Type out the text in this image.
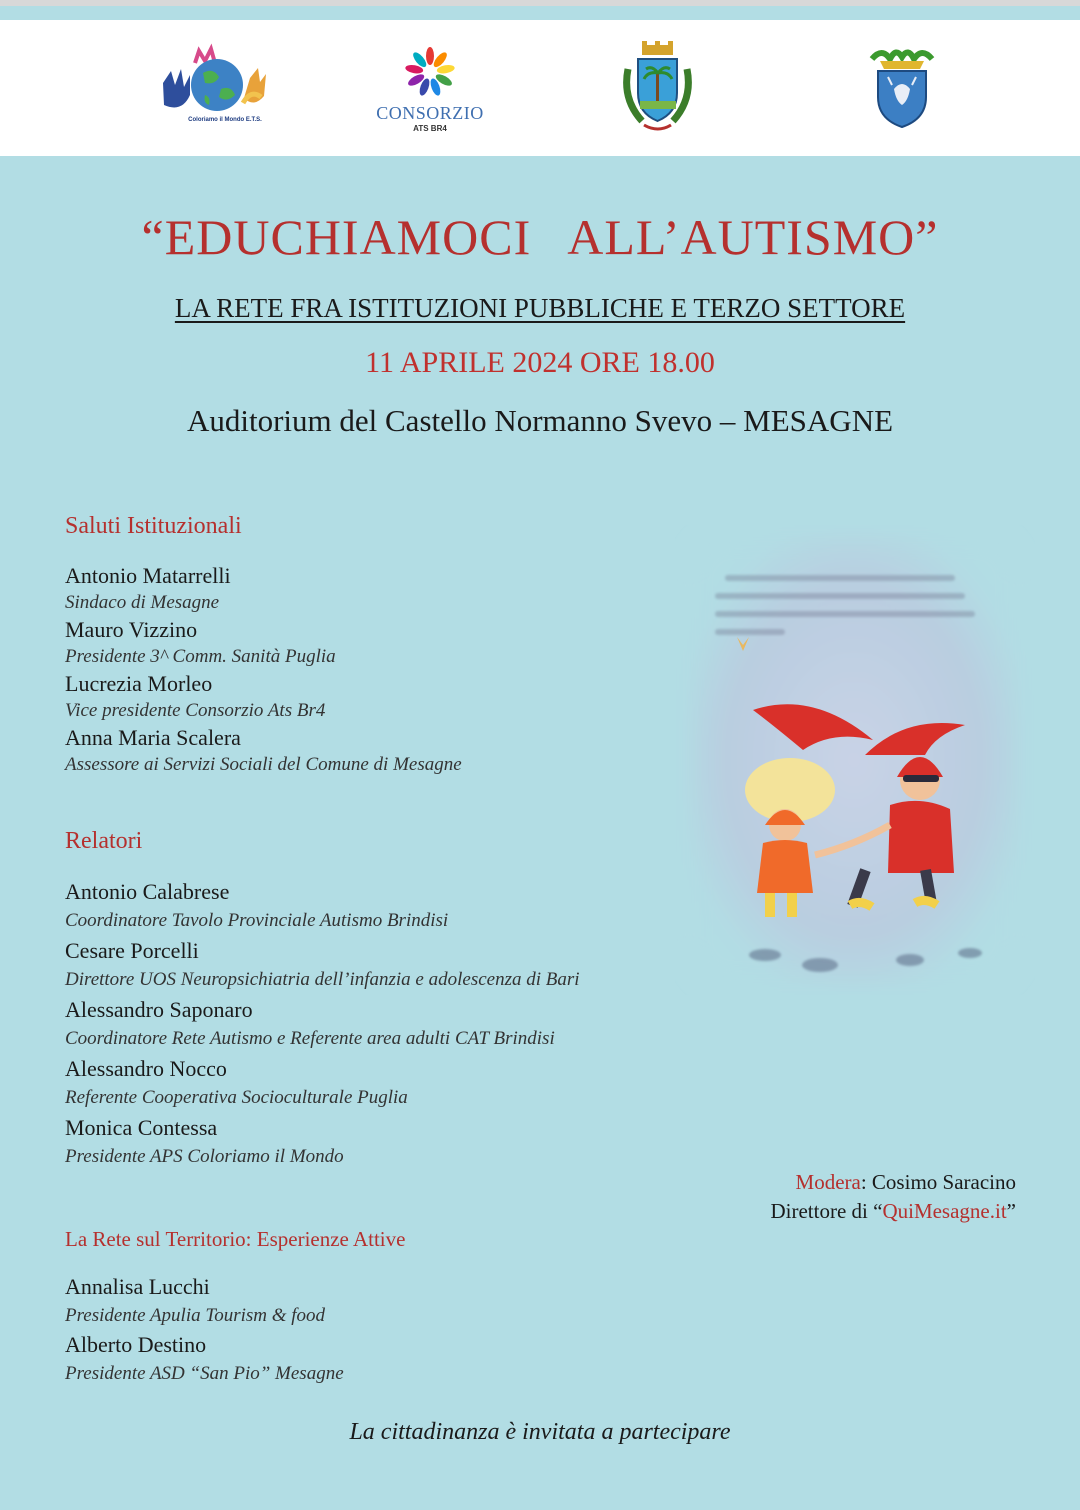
Coloriamo il Mondo E.T.S.	CONSORZIO
ATS BR4
“EDUCHIAMOCI ALL’AUTISMO”
LA RETE FRA ISTITUZIONI PUBBLICHE E TERZO SETTORE
11 APRILE 2024 ORE 18.00
Auditorium del Castello Normanno Svevo – MESAGNE
Saluti Istituzionali
Antonio Matarrelli
Sindaco di Mesagne
Mauro Vizzino
Presidente 3^ Comm. Sanità Puglia
Lucrezia Morleo
Vice presidente Consorzio Ats Br4
Anna Maria Scalera
Assessore ai Servizi Sociali del Comune di Mesagne
Relatori
Antonio Calabrese
Coordinatore Tavolo Provinciale Autismo Brindisi
Cesare Porcelli
Direttore UOS Neuropsichiatria dell’infanzia e adolescenza di Bari
Alessandro Saponaro
Coordinatore Rete Autismo e Referente area adulti CAT Brindisi
Alessandro Nocco
Referente Cooperativa Socioculturale Puglia
Monica Contessa
Presidente APS Coloriamo il Mondo
Modera: Cosimo Saracino
Direttore di “QuiMesagne.it”
La Rete sul Territorio: Esperienze Attive
Annalisa Lucchi
Presidente Apulia Tourism & food
Alberto Destino
Presidente ASD “San Pio” Mesagne
La cittadinanza è invitata a partecipare
